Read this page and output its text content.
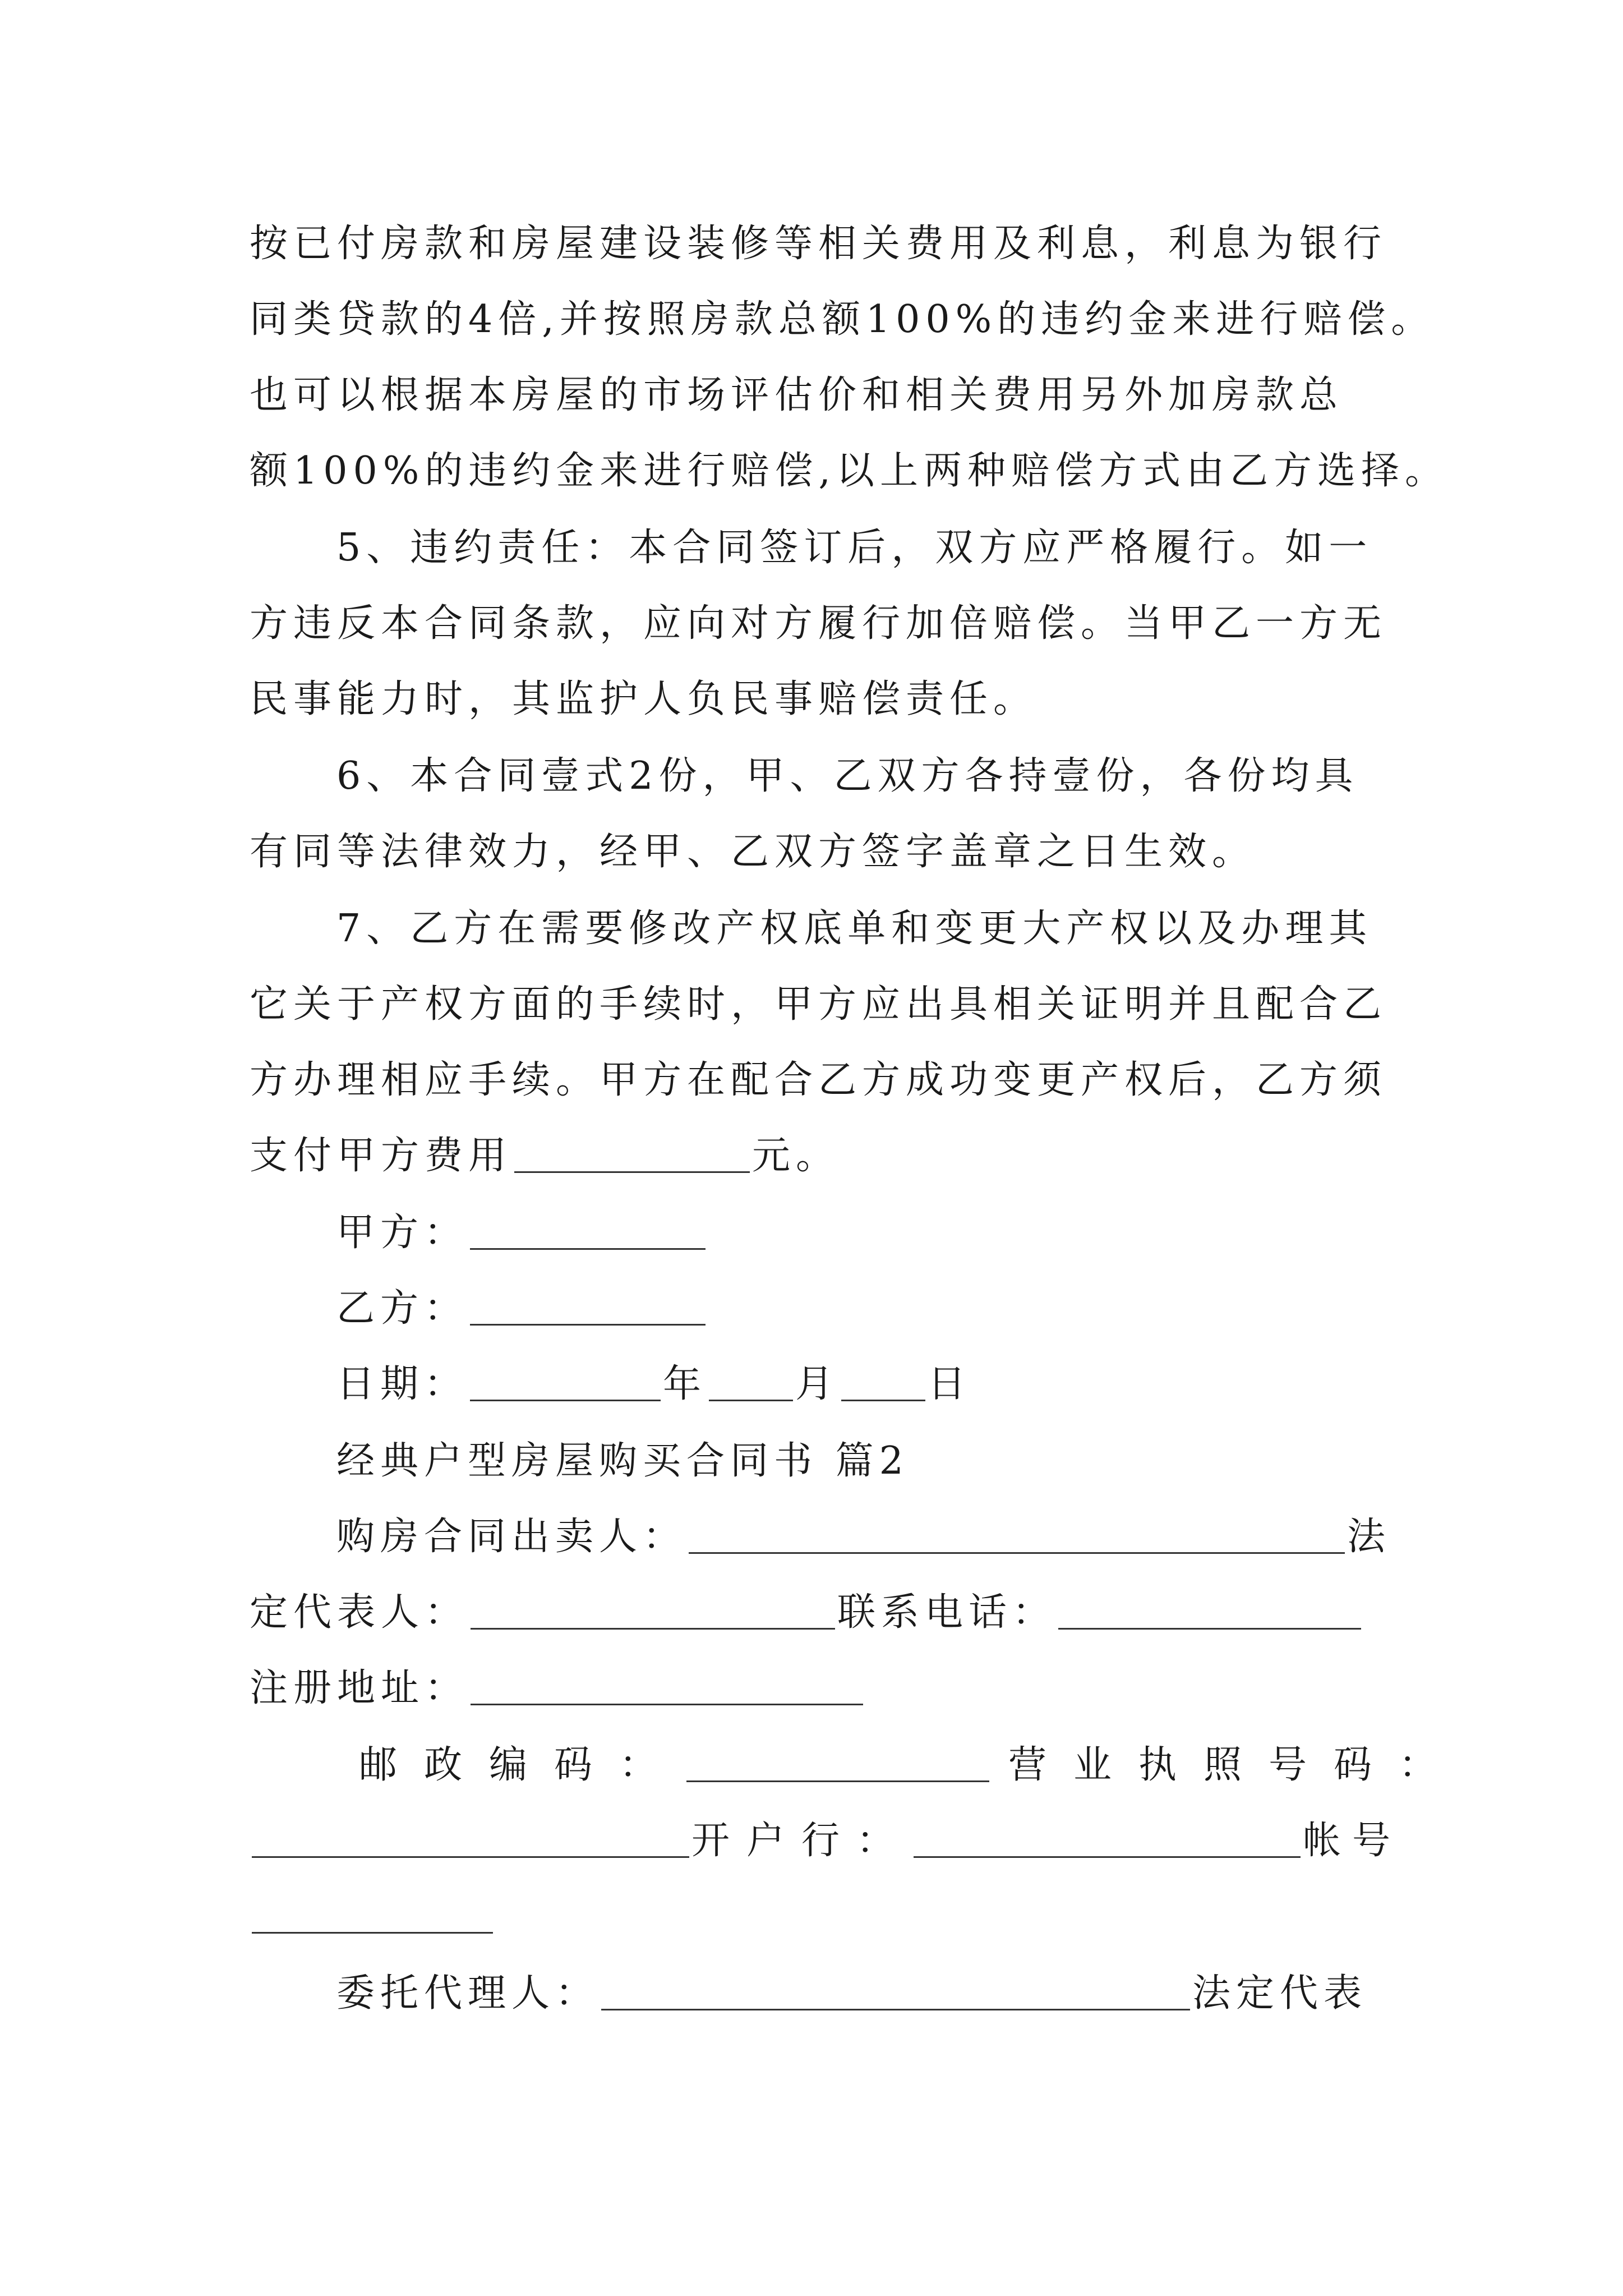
按已付房款和房屋建设装修等相关费用及利息，利息为银行
同类贷款的4倍,并按照房款总额100%的违约金来进行赔偿。
也可以根据本房屋的市场评估价和相关费用另外加房款总
额100%的违约金来进行赔偿,以上两种赔偿方式由乙方选择。
5、违约责任：本合同签订后，双方应严格履行。如一
方违反本合同条款，应向对方履行加倍赔偿。当甲乙一方无
民事能力时，其监护人负民事赔偿责任。
6、本合同壹式2份，甲、乙双方各持壹份，各份均具
有同等法律效力，经甲、乙双方签字盖章之日生效。
7、乙方在需要修改产权底单和变更大产权以及办理其
它关于产权方面的手续时，甲方应出具相关证明并且配合乙
方办理相应手续。甲方在配合乙方成功变更产权后，乙方须
支付甲方费用	元。
甲方：
乙方：
日期：	年 月 日
经典户型房屋购买合同书 篇2
购房合同出卖人：	法
定代表人：	联系电话：
注册地址：
邮政编码：	营业执照号码：
开户行：	帐号
委托代理人：	法定代表
